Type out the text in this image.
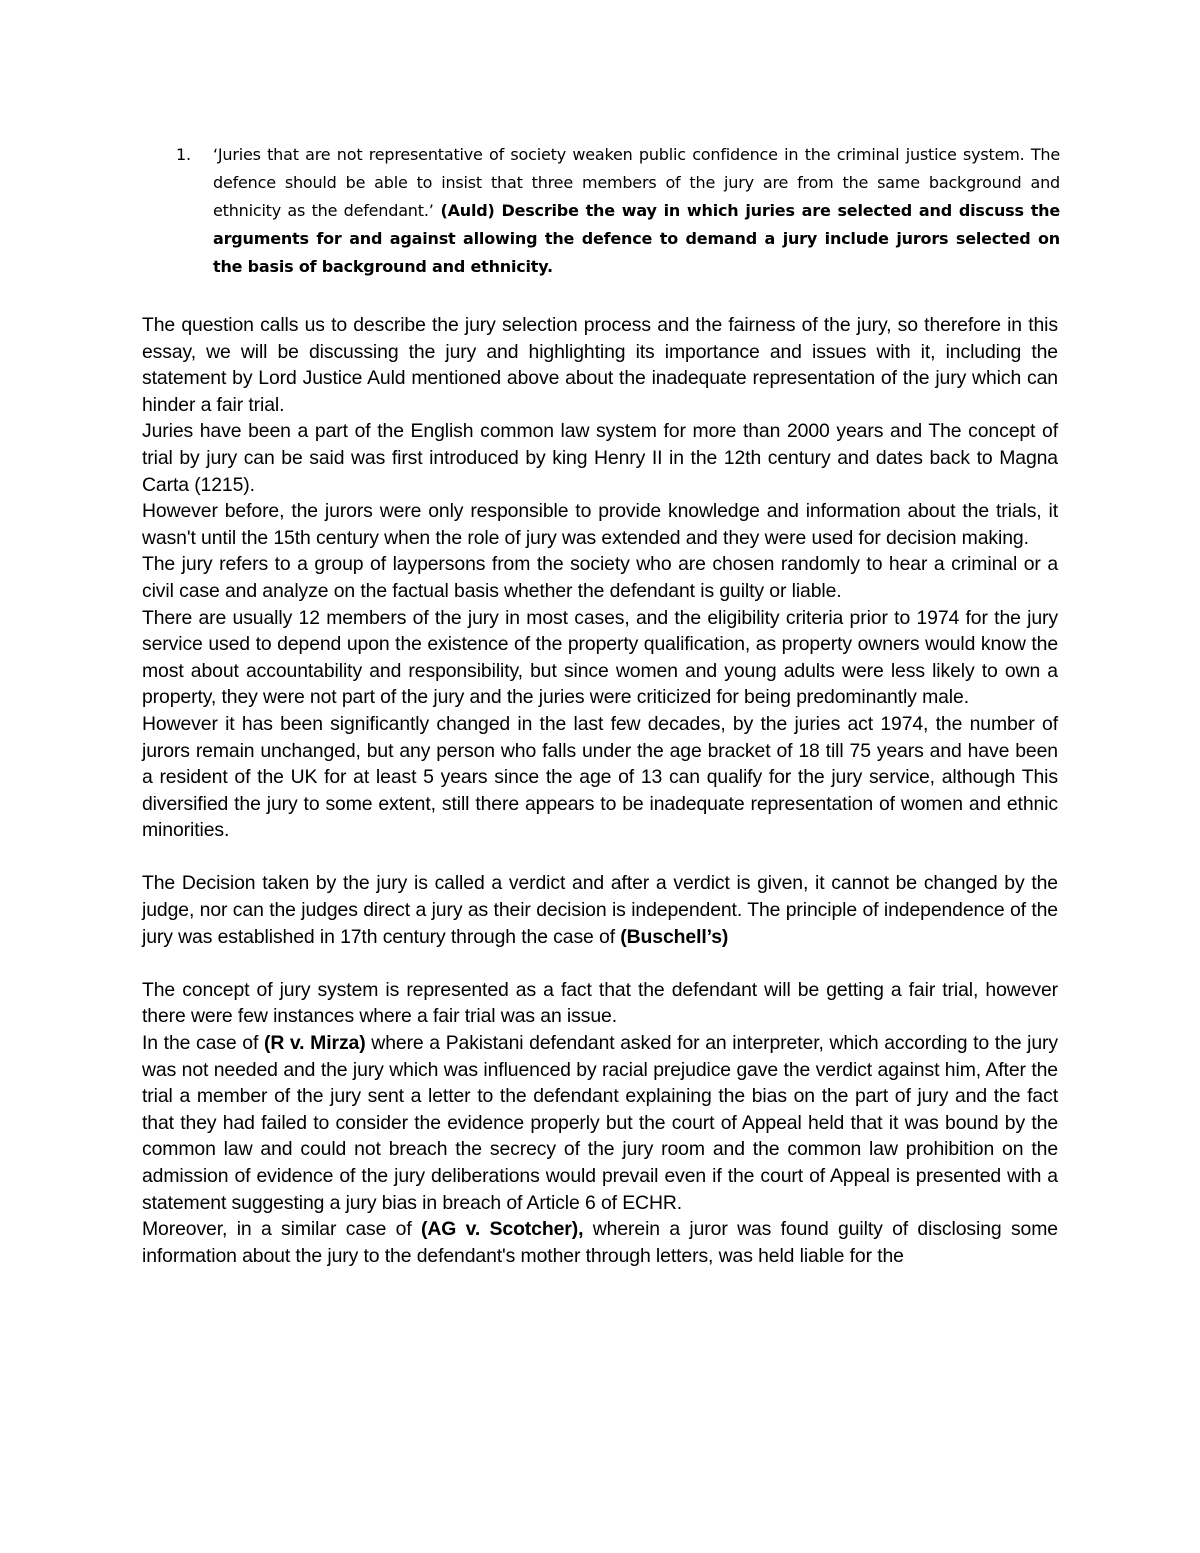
1. ‘Juries that are not representative of society weaken public confidence in the criminal justice system. The defence should be able to insist that three members of the jury are from the same background and ethnicity as the defendant.’ (Auld) Describe the way in which juries are selected and discuss the arguments for and against allowing the defence to demand a jury include jurors selected on the basis of background and ethnicity.

The question calls us to describe the jury selection process and the fairness of the jury, so therefore in this essay, we will be discussing the jury and highlighting its importance and issues with it, including the statement by Lord Justice Auld mentioned above about the inadequate representation of the jury which can hinder a fair trial.

Juries have been a part of the English common law system for more than 2000 years and The concept of trial by jury can be said was first introduced by king Henry II in the 12th century and dates back to Magna Carta (1215).

However before, the jurors were only responsible to provide knowledge and information about the trials, it wasn't until the 15th century when the role of jury was extended and they were used for decision making.

The jury refers to a group of laypersons from the society who are chosen randomly to hear a criminal or a civil case and analyze on the factual basis whether the defendant is guilty or liable.

There are usually 12 members of the jury in most cases, and the eligibility criteria prior to 1974 for the jury service used to depend upon the existence of the property qualification, as property owners would know the most about accountability and responsibility, but since women and young adults were less likely to own a property, they were not part of the jury and the juries were criticized for being predominantly male.

However it has been significantly changed in the last few decades, by the juries act 1974, the number of jurors remain unchanged, but any person who falls under the age bracket of 18 till 75 years and have been a resident of the UK for at least 5 years since the age of 13 can qualify for the jury service, although This diversified the jury to some extent, still there appears to be inadequate representation of women and ethnic minorities.

The Decision taken by the jury is called a verdict and after a verdict is given, it cannot be changed by the judge, nor can the judges direct a jury as their decision is independent. The principle of independence of the jury was established in 17th century through the case of (Buschell’s)

The concept of jury system is represented as a fact that the defendant will be getting a fair trial, however there were few instances where a fair trial was an issue.

In the case of (R v. Mirza) where a Pakistani defendant asked for an interpreter, which according to the jury was not needed and the jury which was influenced by racial prejudice gave the verdict against him, After the trial a member of the jury sent a letter to the defendant explaining the bias on the part of jury and the fact that they had failed to consider the evidence properly but the court of Appeal held that it was bound by the common law and could not breach the secrecy of the jury room and the common law prohibition on the admission of evidence of the jury deliberations would prevail even if the court of Appeal is presented with a statement suggesting a jury bias in breach of Article 6 of ECHR.

Moreover, in a similar case of (AG v. Scotcher), wherein a juror was found guilty of disclosing some information about the jury to the defendant's mother through letters, was held liable for the
